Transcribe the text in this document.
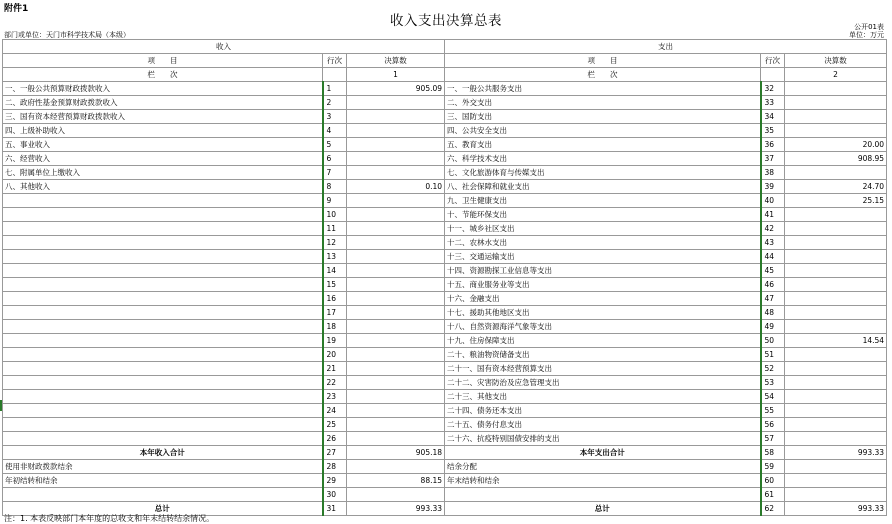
附件1
收入支出决算总表	公开01表
部门或单位：天门市科学技术局（本级）	单位：万元
收入			支出		
项　　目	行次	决算数	项　　目	行次	决算数
栏　　次		1	栏　　次		2
一、一般公共预算财政拨款收入	1	905.09	一、一般公共服务支出	32	
二、政府性基金预算财政拨款收入	2		二、外交支出	33	
三、国有资本经营预算财政拨款收入	3		三、国防支出	34	
四、上级补助收入	4		四、公共安全支出	35	
五、事业收入	5		五、教育支出	36	20.00
六、经营收入	6		六、科学技术支出	37	908.95
七、附属单位上缴收入	7		七、文化旅游体育与传媒支出	38	
八、其他收入	8	0.10	八、社会保障和就业支出	39	24.70
	9		九、卫生健康支出	40	25.15
	10		十、节能环保支出	41	
	11		十一、城乡社区支出	42	
	12		十二、农林水支出	43	
	13		十三、交通运输支出	44	
	14		十四、资源勘探工业信息等支出	45	
	15		十五、商业服务业等支出	46	
	16		十六、金融支出	47	
	17		十七、援助其他地区支出	48	
	18		十八、自然资源海洋气象等支出	49	
	19		十九、住房保障支出	50	14.54
	20		二十、粮油物资储备支出	51	
	21		二十一、国有资本经营预算支出	52	
	22		二十二、灾害防治及应急管理支出	53	
	23		二十三、其他支出	54	
	24		二十四、债务还本支出	55	
	25		二十五、债务付息支出	56	
	26		二十六、抗疫特别国债安排的支出	57	
本年收入合计	27	905.18	本年支出合计	58	993.33
使用非财政拨款结余	28		结余分配	59	
年初结转和结余	29	88.15	年末结转和结余	60	
	30			61	
总计	31	993.33	总计	62	993.33
注：1. 本表反映部门本年度的总收支和年末结转结余情况。
